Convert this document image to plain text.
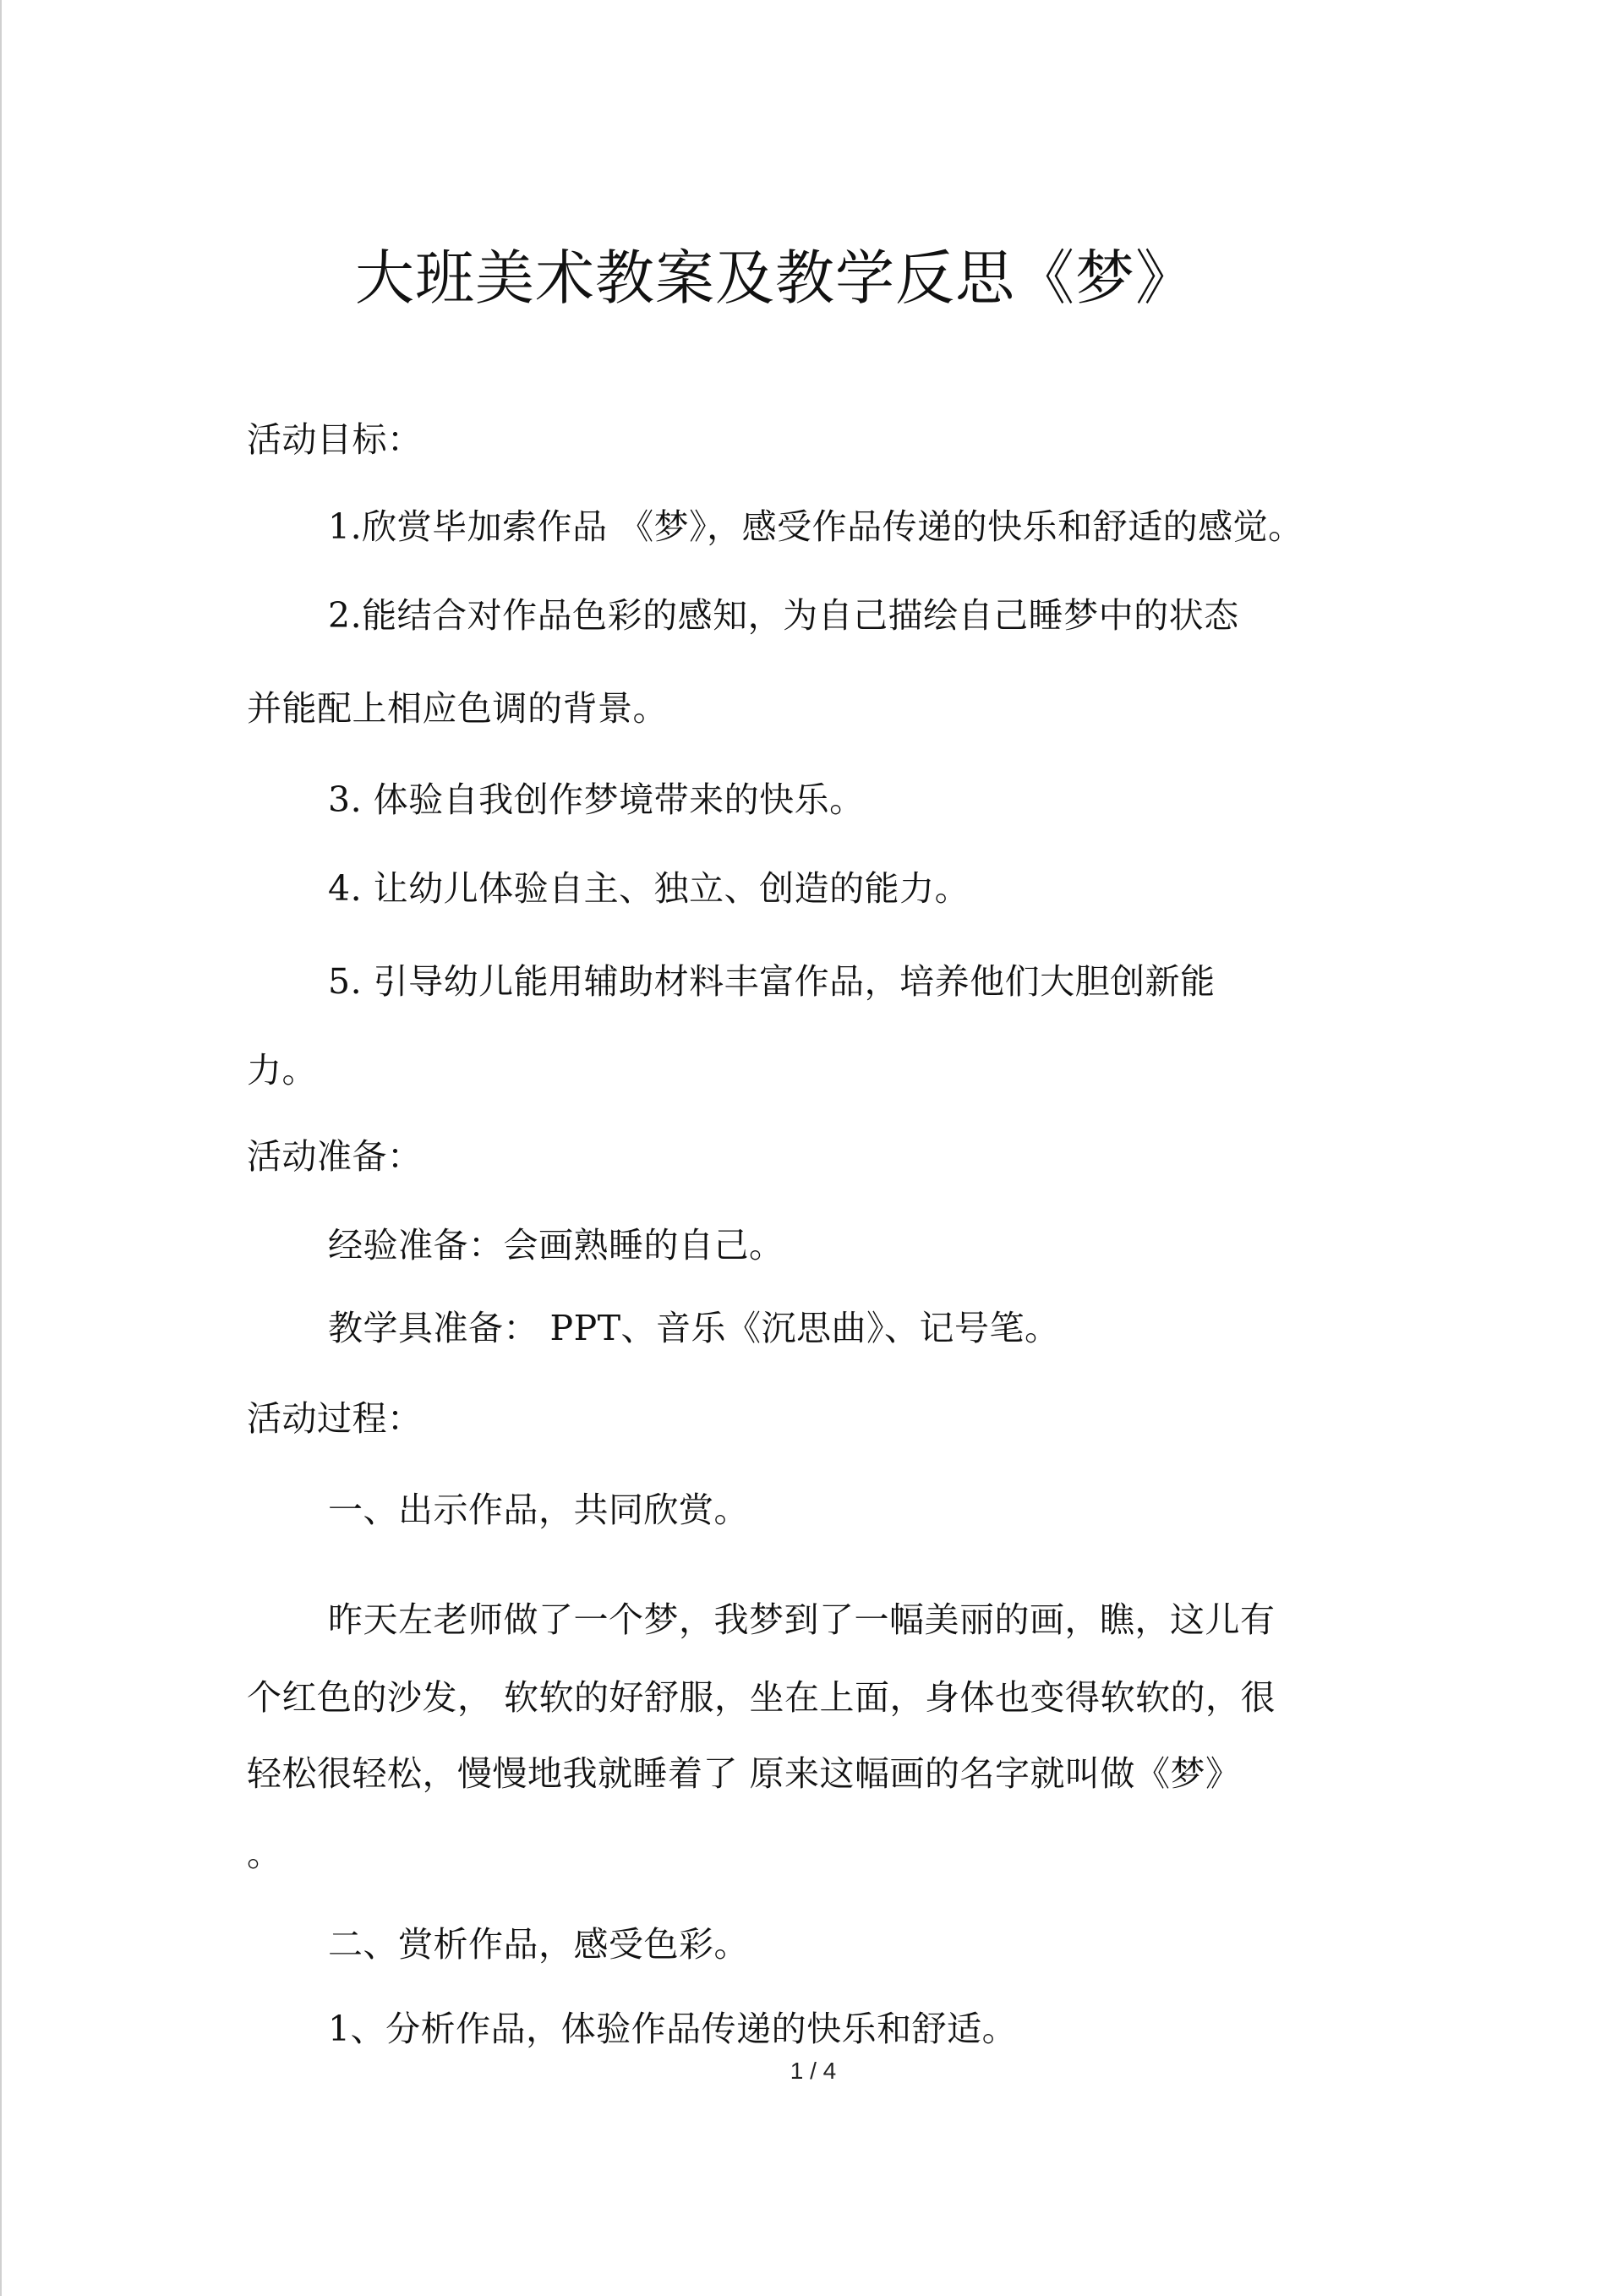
大班美术教案及教学反思《梦》
活动目标：
1.欣赏毕加索作品 《梦》，感受作品传递的快乐和舒适的感觉。
2.能结合对作品色彩的感知，为自己描绘自己睡梦中的状态
并能配上相应色调的背景。
3. 体验自我创作梦境带来的快乐。
4. 让幼儿体验自主、独立、创造的能力。
5. 引导幼儿能用辅助材料丰富作品，培养他们大胆创新能
力。
活动准备：
经验准备：会画熟睡的自己。
教学具准备： PPT、音乐《沉思曲》、记号笔。
活动过程：
一、出示作品，共同欣赏。
昨天左老师做了一个梦，我梦到了一幅美丽的画，瞧，这儿有
个红色的沙发， 软软的好舒服，坐在上面，身体也变得软软的，很
轻松很轻松，慢慢地我就睡着了 原来这幅画的名字就叫做《梦》
。
二、赏析作品，感受色彩。
1、分析作品，体验作品传递的快乐和舒适。
1 / 4
